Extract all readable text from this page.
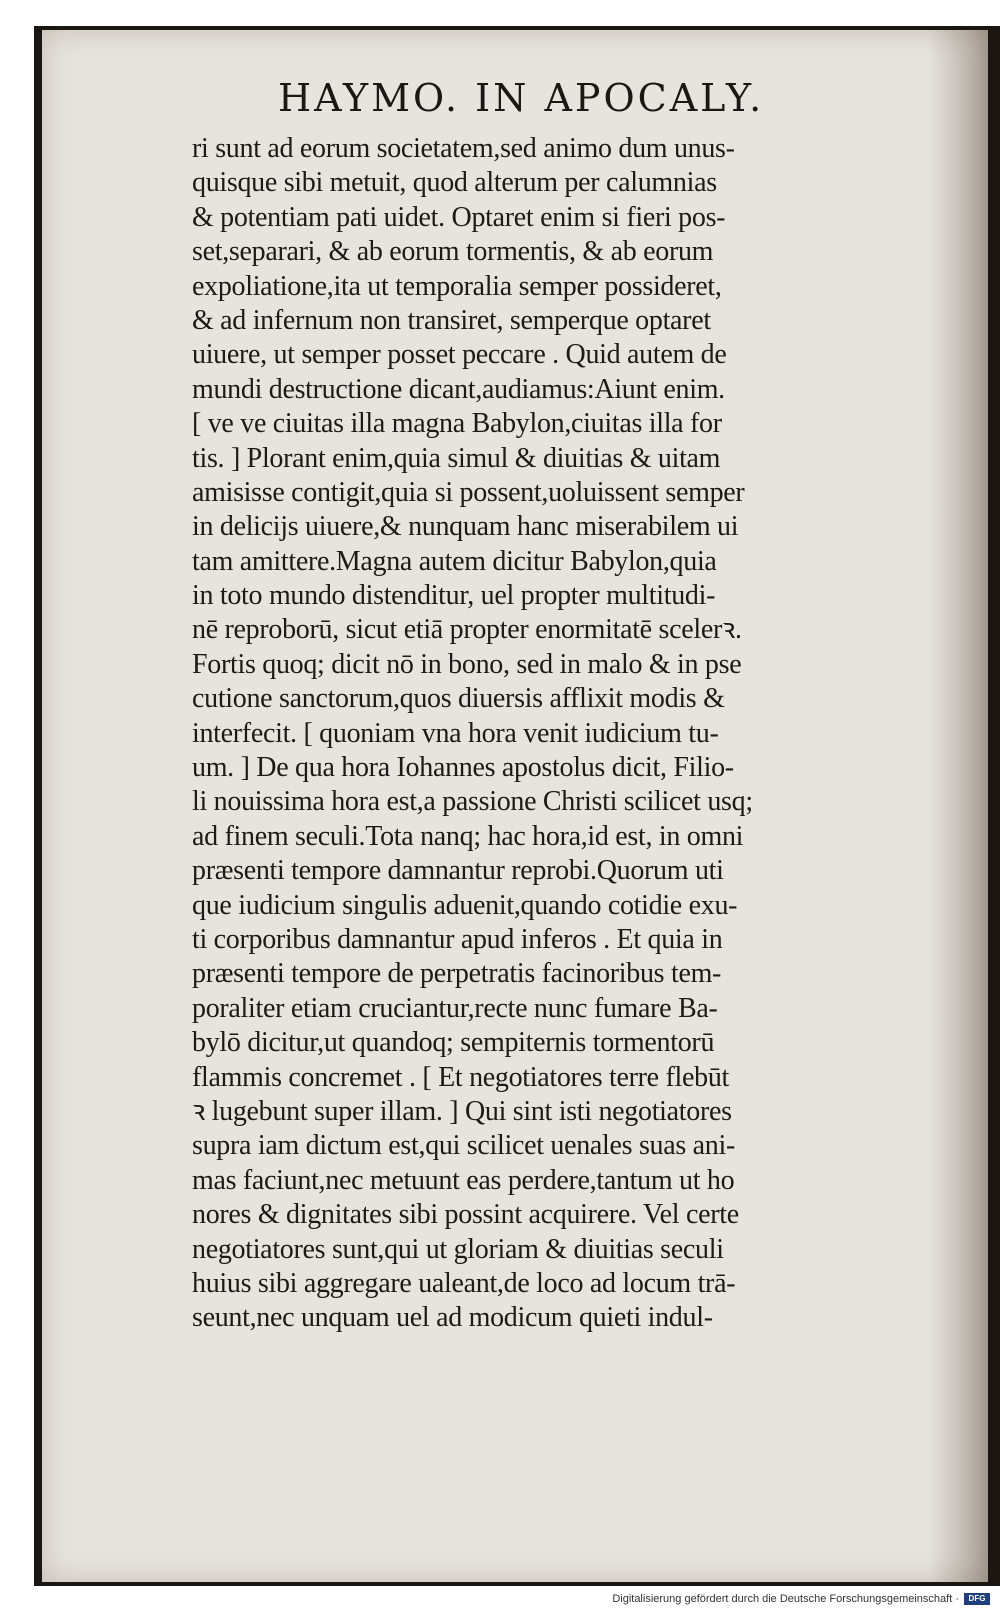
HAYMO. IN APOCALY.
ri sunt ad eorum societatem,sed animo dum unus-
quisque sibi metuit, quod alterum per calumnias
& potentiam pati uidet. Optaret enim si fieri pos-
set,separari, & ab eorum tormentis, & ab eorum
expoliatione,ita ut temporalia semper possideret,
& ad infernum non transiret, semperque optaret
uiuere, ut semper posset peccare . Quid autem de
mundi destructione dicant,audiamus:Aiunt enim.
[ ve ve ciuitas illa magna Babylon,ciuitas illa for
tis. ] Plorant enim,quia simul & diuitias & uitam
amisisse contigit,quia si possent,uoluissent semper
in delicijs uiuere,& nunquam hanc miserabilem ui
tam amittere.Magna autem dicitur Babylon,quia
in toto mundo distenditur, uel propter multitudi-
nē reproborū, sicut etiā propter enormitatē scelerꝛ.
Fortis quoq; dicit nō in bono, sed in malo & in pse
cutione sanctorum,quos diuersis afflixit modis &
interfecit. [ quoniam vna hora venit iudicium tu-
um. ] De qua hora Iohannes apostolus dicit, Filio-
li nouissima hora est,a passione Christi scilicet usq;
ad finem seculi.Tota nanq; hac hora,id est, in omni
præsenti tempore damnantur reprobi.Quorum uti
que iudicium singulis aduenit,quando cotidie exu-
ti corporibus damnantur apud inferos . Et quia in
præsenti tempore de perpetratis facinoribus tem-
poraliter etiam cruciantur,recte nunc fumare Ba-
bylō dicitur,ut quandoq; sempiternis tormentorū
flammis concremet . [ Et negotiatores terre flebūt
ꝛ lugebunt super illam. ] Qui sint isti negotiatores
supra iam dictum est,qui scilicet uenales suas ani-
mas faciunt,nec metuunt eas perdere,tantum ut ho
nores & dignitates sibi possint acquirere. Vel certe
negotiatores sunt,qui ut gloriam & diuitias seculi
huius sibi aggregare ualeant,de loco ad locum trā-
seunt,nec unquam uel ad modicum quieti indul-
Digitalisierung gefördert durch die Deutsche Forschungsgemeinschaft ·	DFG
